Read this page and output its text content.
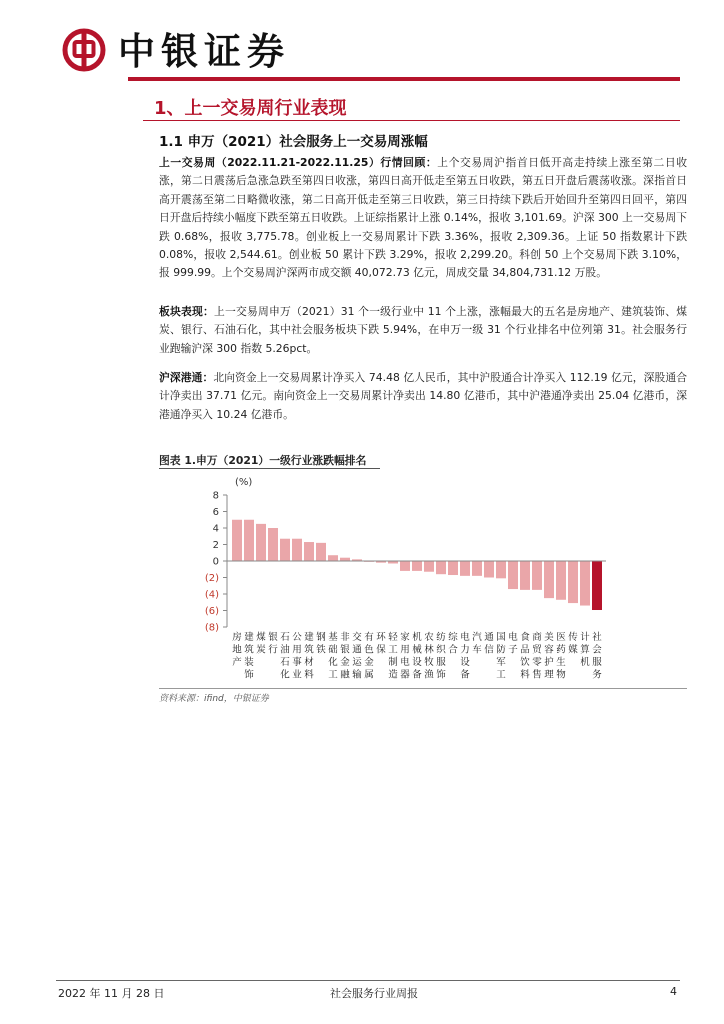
中银证券
1、上一交易周行业表现
1.1 申万（2021）社会服务上一交易周涨幅
上一交易周（2022.11.21-2022.11.25）行情回顾：上个交易周沪指首日低开高走持续上涨至第二日收涨，第二日震荡后急涨急跌至第四日收涨，第四日高开低走至第五日收跌，第五日开盘后震荡收涨。深指首日高开震荡至第二日略微收涨，第二日高开低走至第三日收跌，第三日持续下跌后开始回升至第四日回平，第四日开盘后持续小幅度下跌至第五日收跌。上证综指累计上涨 0.14%，报收 3,101.69。沪深 300 上一交易周下跌 0.68%，报收 3,775.78。创业板上一交易周累计下跌 3.36%，报收 2,309.36。上证 50 指数累计下跌 0.08%，报收 2,544.61。创业板 50 累计下跌 3.29%，报收 2,299.20。科创 50 上个交易周下跌 3.10%，报 999.99。上个交易周沪深两市成交额 40,072.73 亿元，周成交量 34,804,731.12 万股。
板块表现：上一交易周申万（2021）31 个一级行业中 11 个上涨，涨幅最大的五名是房地产、建筑装饰、煤炭、银行、石油石化，其中社会服务板块下跌 5.94%，在申万一级 31 个行业排名中位列第 31。社会服务行业跑输沪深 300 指数 5.26pct。
沪深港通：北向资金上一交易周累计净买入 74.48 亿人民币，其中沪股通合计净买入 112.19 亿元，深股通合计净卖出 37.71 亿元。南向资金上一交易周累计净卖出 14.80 亿港币，其中沪港通净卖出 25.04 亿港币，深港通净买入 10.24 亿港币。
图表 1.申万（2021）一级行业涨跌幅排名
(%)
8
6
4
2
0
(2)
(4)
(6)
(8)
房地产
建筑装饰
煤炭
银行
石油石化
公用事业
建筑材料
钢铁
基础化工
非银金融
交通运输
有色金属
环保
轻工制造
家用电器
机械设备
农林牧渔
纺织服饰
综合
电力设备
汽车
通信
国防军工
电子
食品饮料
商贸零售
美容护理
医药生物
传媒
计算机
社会服务
资料来源：ifind，中银证券
2022 年 11 月 28 日	社会服务行业周报	4
